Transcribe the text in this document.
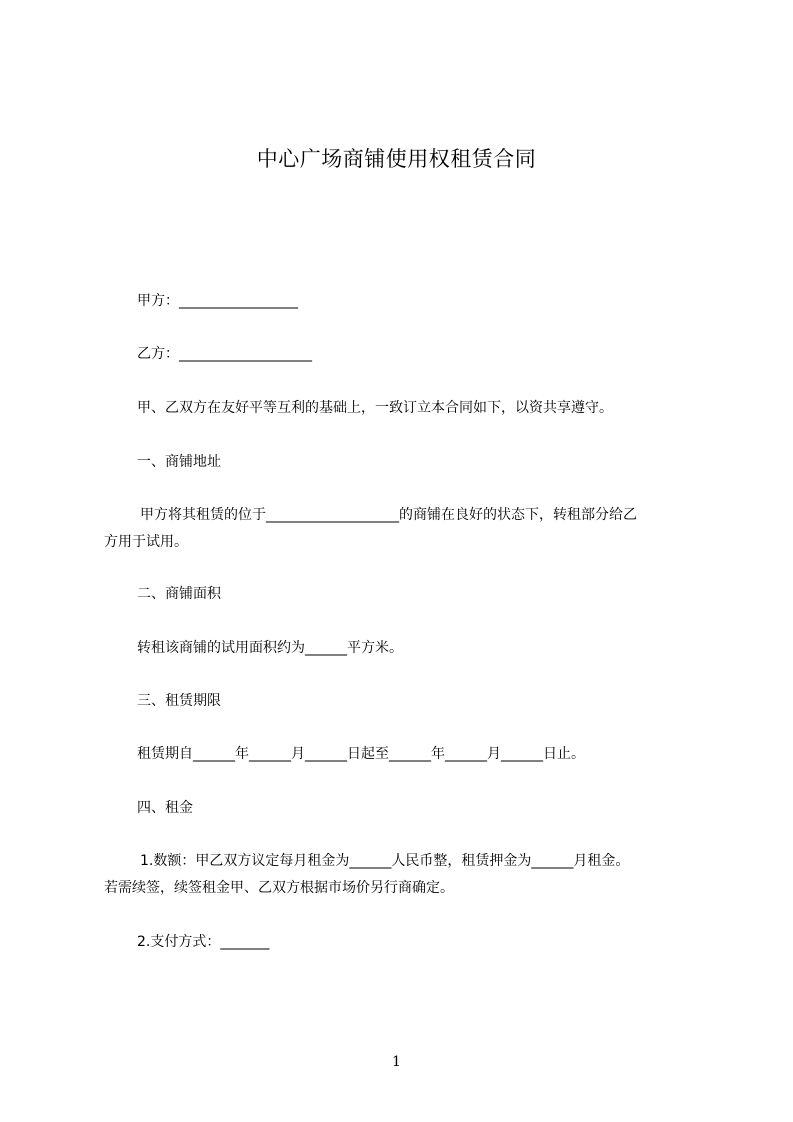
中心广场商铺使用权租赁合同
甲方：_________________
乙方：___________________
甲、乙双方在友好平等互利的基础上，一致订立本合同如下，以资共享遵守。
一、商铺地址
甲方将其租赁的位于___________________的商铺在良好的状态下，转租部分给乙
方用于试用。
二、商铺面积
转租该商铺的试用面积约为______平方米。
三、租赁期限
租赁期自______年______月______日起至______年______月______日止。
四、租金
1.数额：甲乙双方议定每月租金为______人民币整，租赁押金为______月租金。
若需续签，续签租金甲、乙双方根据市场价另行商确定。
2.支付方式：_______
1
